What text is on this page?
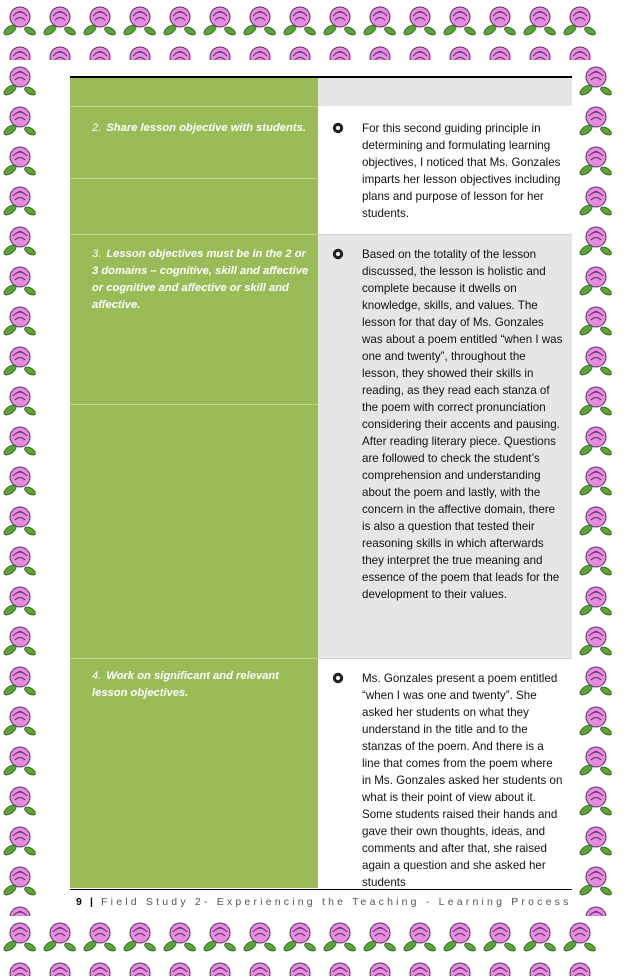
2. Share lesson objective with students.
3. Lesson objectives must be in the 2 or 3 domains – cognitive, skill and affective or cognitive and affective or skill and affective.
4. Work on significant and relevant lesson objectives.
For this second guiding principle in determining and formulating learning objectives, I noticed that Ms. Gonzales imparts her lesson objectives including plans and purpose of lesson for her students.
Based on the totality of the lesson discussed, the lesson is holistic and complete because it dwells on knowledge, skills, and values. The lesson for that day of Ms. Gonzales was about a poem entitled “when I was one and twenty”, throughout the lesson, they showed their skills in reading, as they read each stanza of the poem with correct pronunciation considering their accents and pausing. After reading literary piece. Questions are followed to check the student’s comprehension and understanding about the poem and lastly, with the concern in the affective domain, there is also a question that tested their reasoning skills in which afterwards they interpret the true meaning and essence of the poem that leads for the development to their values.
Ms. Gonzales present a poem entitled “when I was one and twenty”. She asked her students on what they understand in the title and to the stanzas of the poem. And there is a line that comes from the poem where in Ms. Gonzales asked her students on what is their point of view about it. Some students raised their hands and gave their own thoughts, ideas, and comments and after that, she raised again a question and she asked her students
9 | Field Study 2- Experiencing the Teaching - Learning Process
